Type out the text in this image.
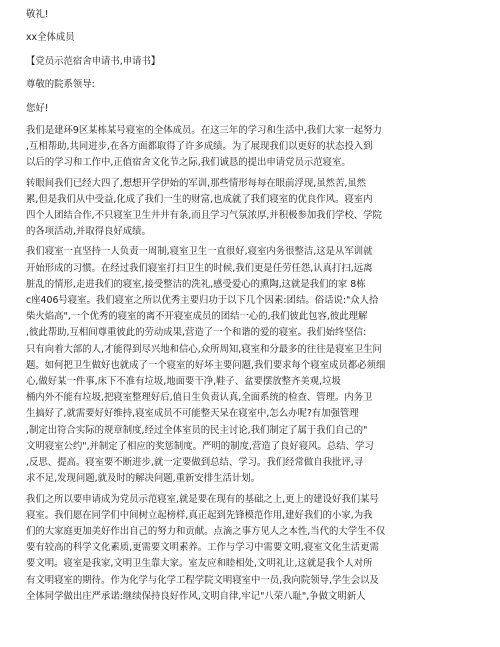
敬礼!

xx全体成员

【党员示范宿舍申请书,申请书】

尊敬的院系领导:

您好!

我们是建环9区某栋某号寝室的全体成员。在这三年的学习和生活中,我们大家一起努力
,互相帮助,共同进步,在各方面都取得了许多成绩。为了展现我们以更好的状态投入到
以后的学习和工作中,正值宿舍文化节之际,我们诚恳的提出申请党员示范寝室。
转眼间我们已经大四了,想想开学伊始的军训,那些情形每每在眼前浮现,虽然苦,虽然
累,但是我们从中受益,化成了我们一生的财富,也成就了我们寝室的优良作风。寝室内
四个人团结合作,不只寝室卫生井井有条,而且学习气氛浓厚,并积极参加我们学校、学院
的各项活动,并取得良好成绩。
我们寝室一直坚持一人负责一周制,寝室卫生一直很好,寝室内务很整洁,这是从军训就
开始形成的习惯。在经过我们寝室打扫卫生的时候,我们更是任劳任怨,认真打扫,远离
脏乱的情形,走进我们的寝室,接受整洁的洗礼,感受爱心的熏陶,这就是我们的家 8栋
c座406号寝室。我们寝室之所以优秀主要归功于以下几个因素:团结。俗话说:"众人拾
柴火焰高",一个优秀的寝室的离不开寝室成员的团结一心的,我们彼此包容,彼此理解
,彼此帮助,互相间尊重彼此的劳动成果,营造了一个和谐的爱的寝室。我们始终坚信:
只有向着大部的人,才能得到尽兴地和信心,众所周知,寝室和分最多的往往是寝室卫生问
题。如何把卫生做好也就成了一个寝室的好坏主要问题,我们要求每个寝室成员都必须细
心,做好某一件事,床下不准有垃圾,地面要干净,鞋子、盆要摆放整齐美观,垃圾
桶内外不能有垃圾,把寝室整理好后,值日生负责认真,全面系统的检查、管理。内务卫
生搞好了,就需要好好维持,寝室成员不可能整天呆在寝室中,怎么办呢?有加强管理
,制定出符合实际的规章制度,经过全体室员的民主讨论,我们制定了属于我们自己的"
文明寝室公约",并制定了相应的奖惩制度。严明的制度,营造了良好寝风。总结、学习
,反思、提高。寝室要不断进步,就一定要做到总结、学习。我们经常做自我批评,寻
求不足,发现问题,就及时的解决问题,重新安排生活计划。
我们之所以要申请成为党员示范寝室,就是要在现有的基础之上,更上的建设好我们某号
寝室。我们愿在同学们中间树立起榜样,真正起到先锋模范作用,建好我们的小家,为我
们的大家庭更加美好作出自己的努力和贡献。点滴之事方见人之本性,当代的大学生不仅
要有较高的科学文化素质,更需要文明素养。工作与学习中需要文明,寝室文化生活更需
要文明。寝室是我家,文明卫生靠大家。室友应和睦相处,文明礼让,这就是我个人对所
有文明寝室的期待。作为化学与化学工程学院文明寝室中一员,我向院领导,学生会以及
全体同学做出庄严承诺:继续保持良好作风,文明自律,牢记"八荣八耻",争做文明新人
